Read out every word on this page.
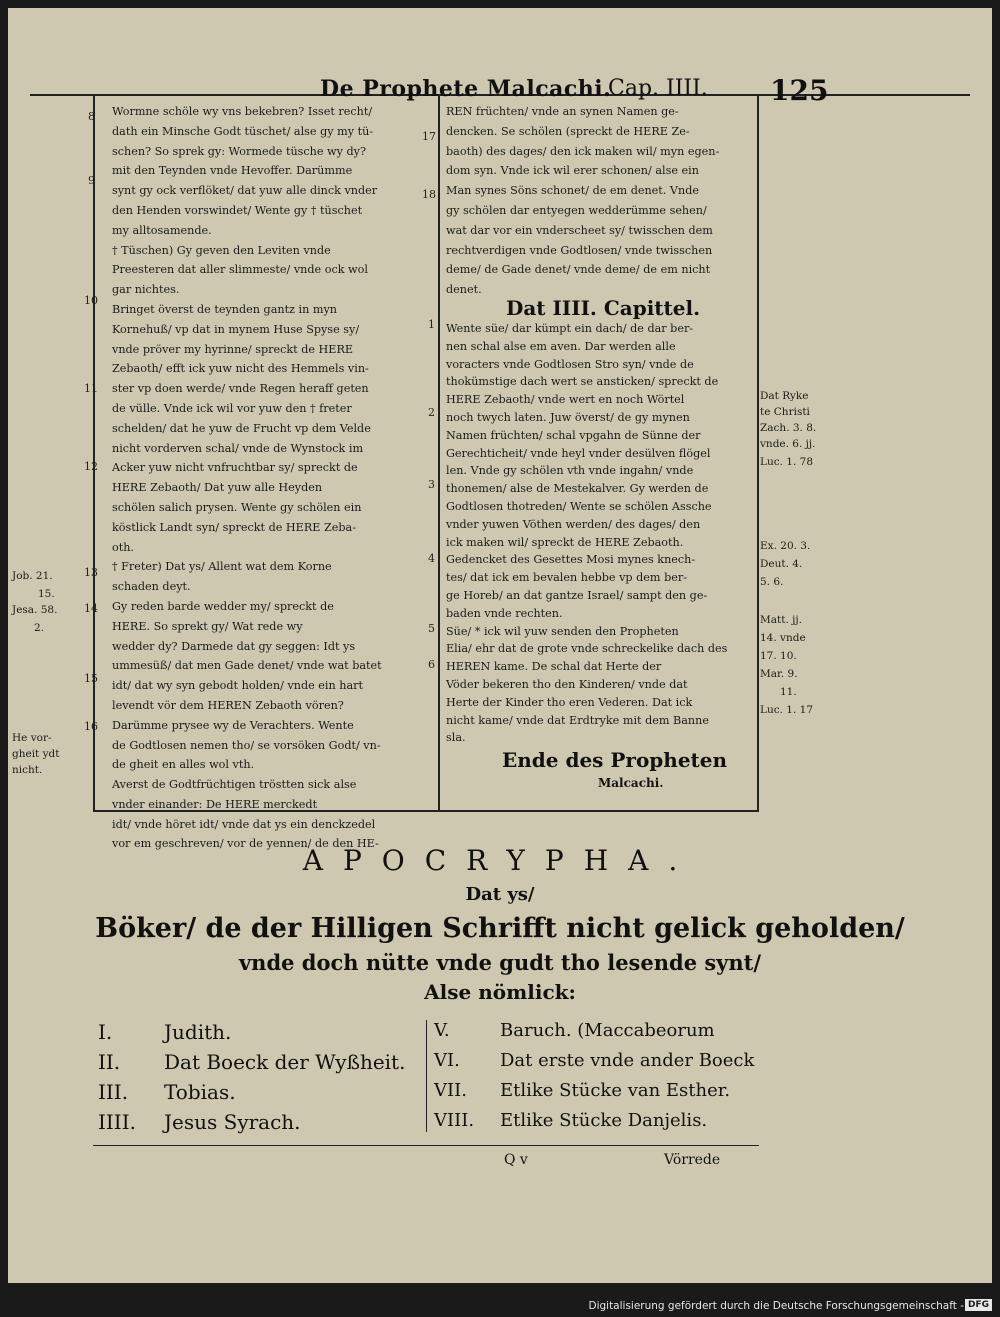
De Prophete Malcachi.
Cap. IIII. 125
Wormne schöle wy vns bekebren? Isset recht/
dath ein Minsche Godt tüschet/ alse gy my tü-
schen? So sprek gy: Wormede tüsche wy dy?
mit den Teynden vnde Hevoffer. Darümme
synt gy ock verflöket/ dat yuw alle dinck vnder
den Henden vorswindet/ Wente gy † tüschet
my alltosamende.
† Tüschen) Gy geven den Leviten vnde
Preesteren dat aller slimmeste/ vnde ock wol
gar nichtes.
Bringet överst de teynden gantz in myn
Kornehuß/ vp dat in mynem Huse Spyse sy/
vnde pröver my hyrinne/ spreckt de HERE
Zebaoth/ efft ick yuw nicht des Hemmels vin-
ster vp doen werde/ vnde Regen heraff geten
de vülle. Vnde ick wil vor yuw den † freter
schelden/ dat he yuw de Frucht vp dem Velde
nicht vorderven schal/ vnde de Wynstock im
Acker yuw nicht vnfruchtbar sy/ spreckt de
HERE Zebaoth/ Dat yuw alle Heyden
schölen salich prysen. Wente gy schölen ein
köstlick Landt syn/ spreckt de HERE Zeba-
oth.
† Freter) Dat ys/ Allent wat dem Korne
schaden deyt.
Gy reden barde wedder my/ spreckt de
HERE. So sprekt gy/ Wat rede wy
wedder dy? Darmede dat gy seggen: Idt ys
ummesüß/ dat men Gade denet/ vnde wat batet
idt/ dat wy syn gebodt holden/ vnde ein hart
levendt vör dem HEREN Zebaoth vören?
Darümme prysee wy de Verachters. Wente
de Godtlosen nemen tho/ se vorsöken Godt/ vn-
de gheit en alles wol vth.
Averst de Godtfrüchtigen tröstten sick alse
vnder einander: De HERE merckedt
idt/ vnde höret idt/ vnde dat ys ein denckzedel
vor em geschreven/ vor de yennen/ de den HE-
8
9
10
11
12
13
14
15
16
Job. 21.
15.
Jesa. 58.
2.
He vor-
gheit ydt
nicht.
REN früchten/ vnde an synen Namen ge-
dencken. Se schölen (spreckt de HERE Ze-
baoth) des dages/ den ick maken wil/ myn egen-
dom syn. Vnde ick wil erer schonen/ alse ein
Man synes Söns schonet/ de em denet. Vnde
gy schölen dar entyegen wedderümme sehen/
wat dar vor ein vnderscheet sy/ twisschen dem
rechtverdigen vnde Godtlosen/ vnde twisschen
deme/ de Gade denet/ vnde deme/ de em nicht
denet.
Dat IIII. Capittel.
Wente süe/ dar kümpt ein dach/ de dar ber-
nen schal alse em aven. Dar werden alle
voracters vnde Godtlosen Stro syn/ vnde de
thokümstige dach wert se ansticken/ spreckt de
HERE Zebaoth/ vnde wert en noch Wörtel
noch twych laten. Juw överst/ de gy mynen
Namen früchten/ schal vpgahn de Sünne der
Gerechticheit/ vnde heyl vnder desülven flögel
len. Vnde gy schölen vth vnde ingahn/ vnde
thonemen/ alse de Mestekalver. Gy werden de
Godtlosen thotreden/ Wente se schölen Assche
vnder yuwen Vöthen werden/ des dages/ den
ick maken wil/ spreckt de HERE Zebaoth.
Gedencket des Gesettes Mosi mynes knech-
tes/ dat ick em bevalen hebbe vp dem ber-
ge Horeb/ an dat gantze Israel/ sampt den ge-
baden vnde rechten.
Süe/ * ick wil yuw senden den Propheten
Elia/ ehr dat de grote vnde schreckelike dach des
HEREN kame. De schal dat Herte der
Vöder bekeren tho den Kinderen/ vnde dat
Herte der Kinder tho eren Vederen. Dat ick
nicht kame/ vnde dat Erdtryke mit dem Banne
sla.
Ende des Propheten
Malcachi.
17
18
1
2
3
4
5
6
Dat Ryke
te Christi
Zach. 3. 8.
vnde. 6. jj.
Luc. 1. 78
Ex. 20. 3.
Deut. 4.
5. 6.
Matt. jj.
14. vnde
17. 10.
Mar. 9.
11.
Luc. 1. 17
APOCRYPHA.
Dat ys/
Böker/ de der Hilligen Schrifft nicht gelick geholden/
vnde doch nütte vnde gudt tho lesende synt/
Alse nömlick:
I.	Judith.
II. Dat Boeck der Wyßheit.
III. Tobias.
IIII. Jesus Syrach.
V.	Baruch. (Maccabeorum
VI. Dat erste vnde ander Boeck
VII. Etlike Stücke van Esther.
VIII. Etlike Stücke Danjelis.
Q v	Vörrede
Digitalisierung gefördert durch die Deutsche Forschungsgemeinschaft - DFG
